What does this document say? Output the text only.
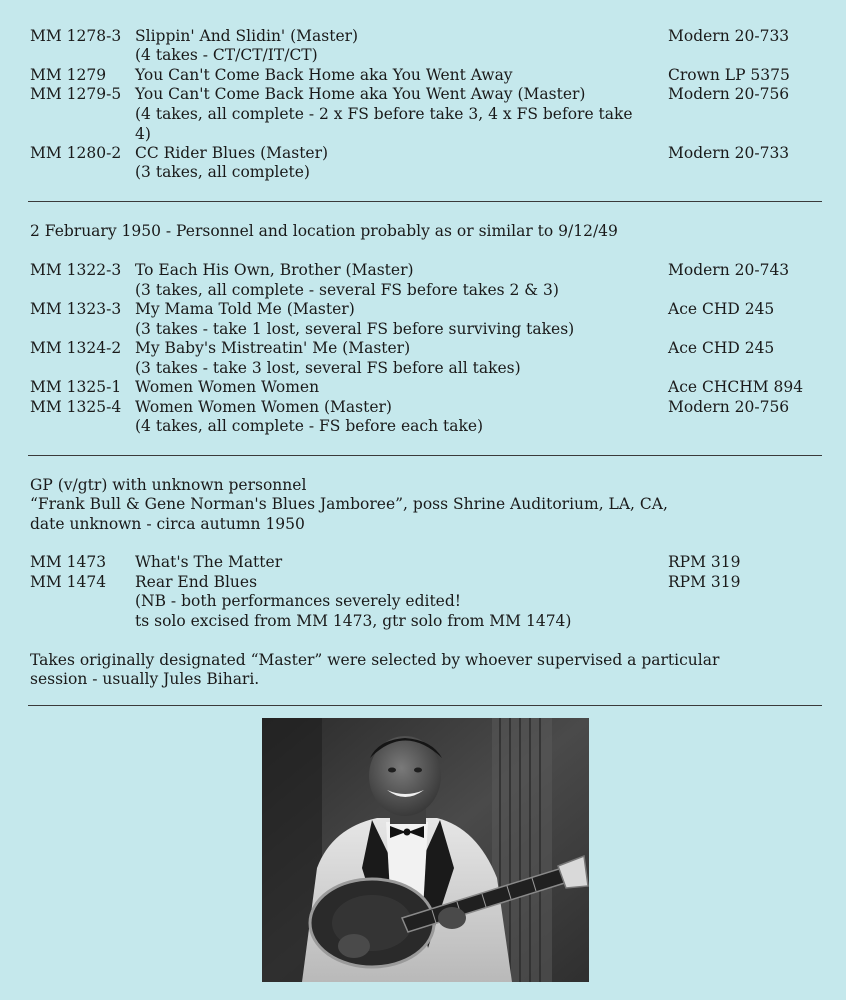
MM 1278-3 Slippin' And Slidin' (Master)	Modern 20-733
(4 takes - CT/CT/IT/CT)
MM 1279 You Can't Come Back Home aka You Went Away	Crown LP 5375
MM 1279-5 You Can't Come Back Home aka You Went Away (Master)	Modern 20-756
(4 takes, all complete - 2 x FS before take 3, 4 x FS before take 4)
MM 1280-2 CC Rider Blues (Master)	Modern 20-733
(3 takes, all complete)
2 February 1950 - Personnel and location probably as or similar to 9/12/49
MM 1322-3 To Each His Own, Brother (Master)	Modern 20-743
(3 takes, all complete - several FS before takes 2 & 3)
MM 1323-3 My Mama Told Me (Master)	Ace CHD 245
(3 takes - take 1 lost, several FS before surviving takes)
MM 1324-2 My Baby's Mistreatin' Me (Master)	Ace CHD 245
(3 takes - take 3 lost, several FS before all takes)
MM 1325-1 Women Women Women	Ace CHCHM 894
MM 1325-4 Women Women Women (Master)	Modern 20-756
(4 takes, all complete - FS before each take)
GP (v/gtr) with unknown personnel
“Frank Bull & Gene Norman's Blues Jamboree”, poss Shrine Auditorium, LA, CA,
date unknown - circa autumn 1950
MM 1473 What's The Matter	RPM 319
MM 1474 Rear End Blues	RPM 319
(NB - both performances severely edited!
ts solo excised from MM 1473, gtr solo from MM 1474)
Takes originally designated “Master” were selected by whoever supervised a particular
session - usually Jules Bihari.
